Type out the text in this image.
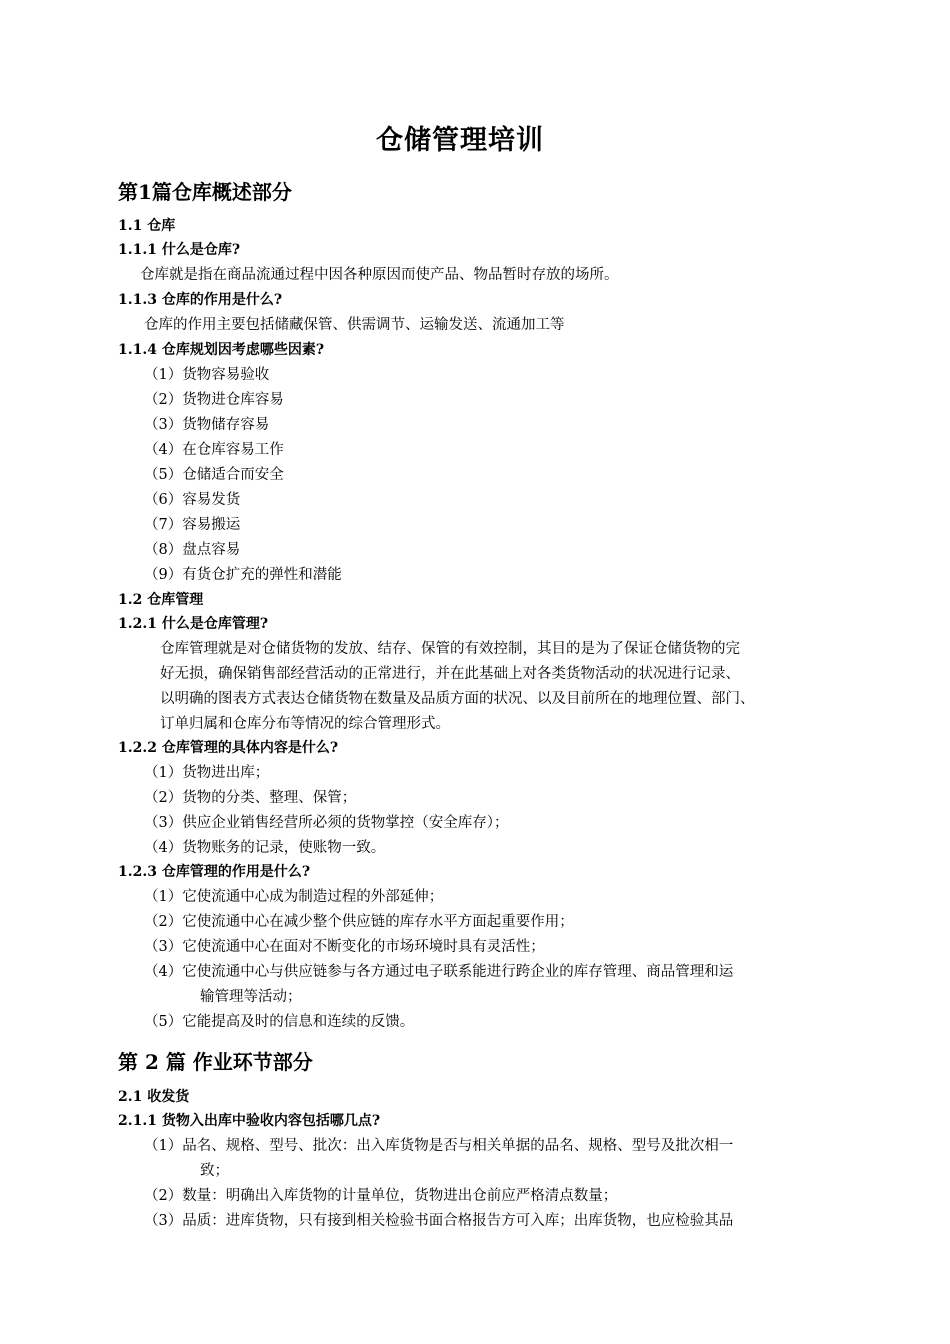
仓储管理培训
第1篇仓库概述部分
1.1 仓库
1.1.1 什么是仓库?
仓库就是指在商品流通过程中因各种原因而使产品、物品暂时存放的场所。
1.1.3 仓库的作用是什么?
仓库的作用主要包括储藏保管、供需调节、运输发送、流通加工等
1.1.4 仓库规划因考虑哪些因素?
（1）货物容易验收
（2）货物进仓库容易
（3）货物储存容易
（4）在仓库容易工作
（5）仓储适合而安全
（6）容易发货
（7）容易搬运
（8）盘点容易
（9）有货仓扩充的弹性和潜能
1.2 仓库管理
1.2.1 什么是仓库管理?
仓库管理就是对仓储货物的发放、结存、保管的有效控制，其目的是为了保证仓储货物的完
好无损，确保销售部经营活动的正常进行，并在此基础上对各类货物活动的状况进行记录、
以明确的图表方式表达仓储货物在数量及品质方面的状况、以及目前所在的地理位置、部门、
订单归属和仓库分布等情况的综合管理形式。
1.2.2 仓库管理的具体内容是什么?
（1）货物进出库；
（2）货物的分类、整理、保管；
（3）供应企业销售经营所必须的货物掌控（安全库存）；
（4）货物账务的记录，使账物一致。
1.2.3 仓库管理的作用是什么?
（1）它使流通中心成为制造过程的外部延伸；
（2）它使流通中心在减少整个供应链的库存水平方面起重要作用；
（3）它使流通中心在面对不断变化的市场环境时具有灵活性；
（4）它使流通中心与供应链参与各方通过电子联系能进行跨企业的库存管理、商品管理和运
输管理等活动；
（5）它能提高及时的信息和连续的反馈。
第 2 篇 作业环节部分
2.1 收发货
2.1.1 货物入出库中验收内容包括哪几点?
（1）品名、规格、型号、批次：出入库货物是否与相关单据的品名、规格、型号及批次相一
致；
（2）数量：明确出入库货物的计量单位，货物进出仓前应严格清点数量；
（3）品质：进库货物，只有接到相关检验书面合格报告方可入库；出库货物，也应检验其品
